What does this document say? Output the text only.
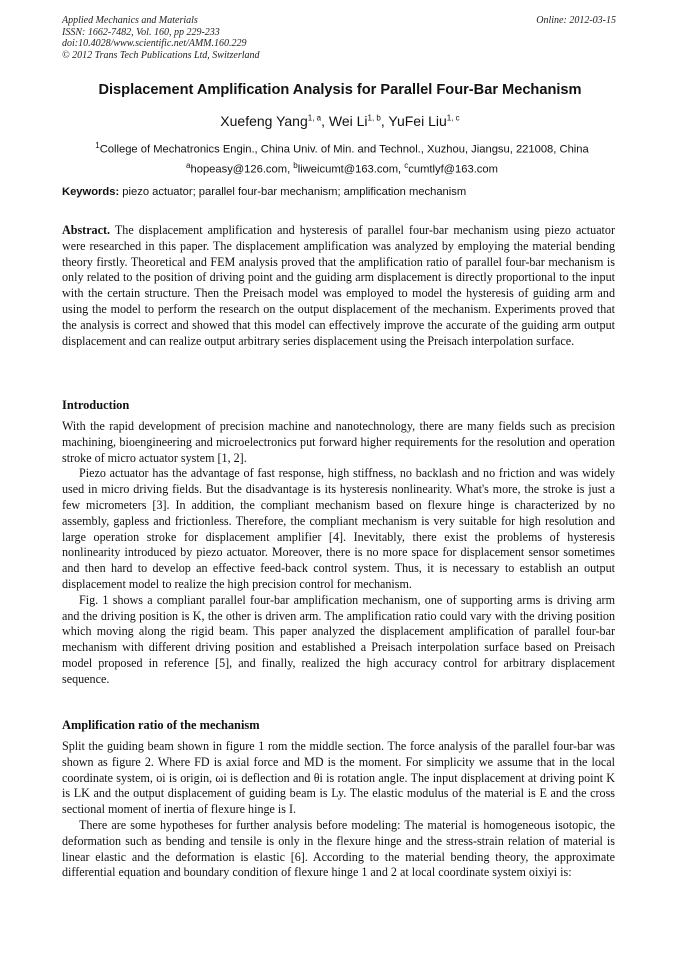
Applied Mechanics and Materials	Online: 2012-03-15
ISSN: 1662-7482, Vol. 160, pp 229-233
doi:10.4028/www.scientific.net/AMM.160.229
© 2012 Trans Tech Publications Ltd, Switzerland
Displacement Amplification Analysis for Parallel Four-Bar Mechanism
Xuefeng Yang$^{1, a}$, Wei Li$^{1, b}$, YuFei Liu$^{1, c}$
$^1$College of Mechatronics Engin., China Univ. of Min. and Technol., Xuzhou, Jiangsu, 221008, China
$^a$hopeasy@126.com, $^b$liweicumt@163.com, $^c$cumtlyf@163.com
Keywords: piezo actuator; parallel four-bar mechanism; amplification mechanism

Abstract. The displacement amplification and hysteresis of parallel four-bar mechanism using piezo actuator were researched in this paper. The displacement amplification was analyzed by employing the material bending theory firstly. Theoretical and FEM analysis proved that the amplification ratio of parallel four-bar mechanism is only related to the position of driving point and the guiding arm displacement is directly proportional to the input with the certain structure. Then the Preisach model was employed to model the hysteresis of guiding arm and using the model to perform the research on the output displacement of the mechanism. Experiments proved that the analysis is correct and showed that this model can effectively improve the accurate of the guiding arm output displacement and can realize output arbitrary series displacement using the Preisach interpolation surface.

Introduction

With the rapid development of precision machine and nanotechnology, there are many fields such as precision machining, bioengineering and microelectronics put forward higher requirements for the resolution and operation stroke of micro actuator system [1, 2].

Piezo actuator has the advantage of fast response, high stiffness, no backlash and no friction and was widely used in micro driving fields. But the disadvantage is its hysteresis nonlinearity. What's more, the stroke is just a few micrometers [3]. In addition, the compliant mechanism based on flexure hinge is characterized by no assembly, gapless and frictionless. Therefore, the compliant mechanism is very suitable for high resolution and large operation stroke for displacement amplifier [4]. Inevitably, there exist the problems of hysteresis nonlinearity introduced by piezo actuator. Moreover, there is no more space for displacement sensor sometimes and then hard to develop an effective feed-back control system. Thus, it is necessary to establish an output displacement model to realize the high precision control for mechanism.

Fig. 1 shows a compliant parallel four-bar amplification mechanism, one of supporting arms is driving arm and the driving position is K, the other is driven arm. The amplification ratio could vary with the driving position which moving along the rigid beam. This paper analyzed the displacement amplification of parallel four-bar mechanism with different driving position and established a Preisach interpolation surface based on Preisach model proposed in reference [5], and finally, realized the high accuracy control for arbitrary displacement sequence.

Amplification ratio of the mechanism

Split the guiding beam shown in figure 1 rom the middle section. The force analysis of the parallel four-bar was shown as figure 2. Where FD is axial force and MD is the moment. For simplicity we assume that in the local coordinate system, oi is origin, ωi is deflection and θi is rotation angle. The input displacement at driving point K is LK and the output displacement of guiding beam is Ly. The elastic modulus of the material is E and the cross sectional moment of inertia of flexure hinge is I.

There are some hypotheses for further analysis before modeling: The material is homogeneous isotopic, the deformation such as bending and tensile is only in the flexure hinge and the stress-strain relation of material is linear elastic and the deformation is elastic [6]. According to the material bending theory, the approximate differential equation and boundary condition of flexure hinge 1 and 2 at local coordinate system oixiyi is:
